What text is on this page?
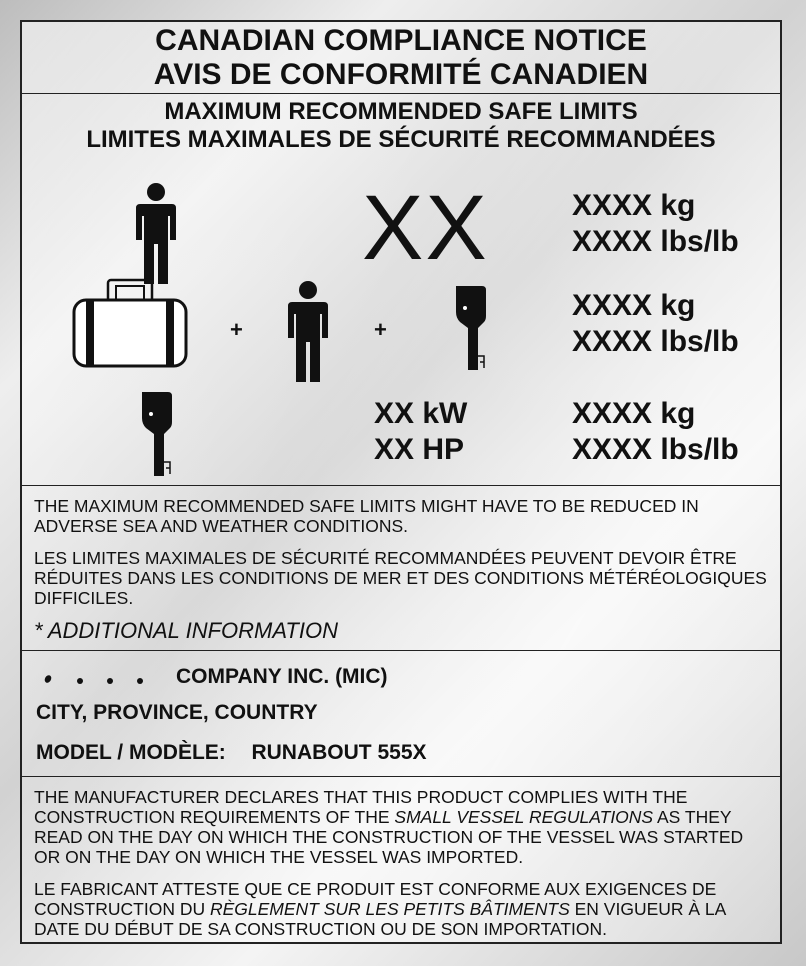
CANADIAN COMPLIANCE NOTICE
AVIS DE CONFORMITÉ CANADIEN
MAXIMUM RECOMMENDED SAFE LIMITS
LIMITES MAXIMALES DE SÉCURITÉ RECOMMANDÉES
XX	XXXX kg
XXXX lbs/lb
+	+
XXXX kg
XXXX lbs/lb
XX kW
XX HP
XXXX kg
XXXX lbs/lb

THE MAXIMUM RECOMMENDED SAFE LIMITS MIGHT HAVE TO BE REDUCED IN ADVERSE SEA AND WEATHER CONDITIONS.

LES LIMITES MAXIMALES DE SÉCURITÉ RECOMMANDÉES PEUVENT DEVOIR ÊTRE RÉDUITES DANS LES CONDITIONS DE MER ET DES CONDITIONS MÉTÉRÉOLOGIQUES DIFFICILES.

* ADDITIONAL INFORMATION
COMPANY INC. (MIC)
CITY, PROVINCE, COUNTRY
MODEL / MODÈLE: RUNABOUT 555X

THE MANUFACTURER DECLARES THAT THIS PRODUCT COMPLIES WITH THE CONSTRUCTION REQUIREMENTS OF THE SMALL VESSEL REGULATIONS AS THEY READ ON THE DAY ON WHICH THE CONSTRUCTION OF THE VESSEL WAS STARTED OR ON THE DAY ON WHICH THE VESSEL WAS IMPORTED.

LE FABRICANT ATTESTE QUE CE PRODUIT EST CONFORME AUX EXIGENCES DE CONSTRUCTION DU RÈGLEMENT SUR LES PETITS BÂTIMENTS EN VIGUEUR À LA DATE DU DÉBUT DE SA CONSTRUCTION OU DE SON IMPORTATION.
